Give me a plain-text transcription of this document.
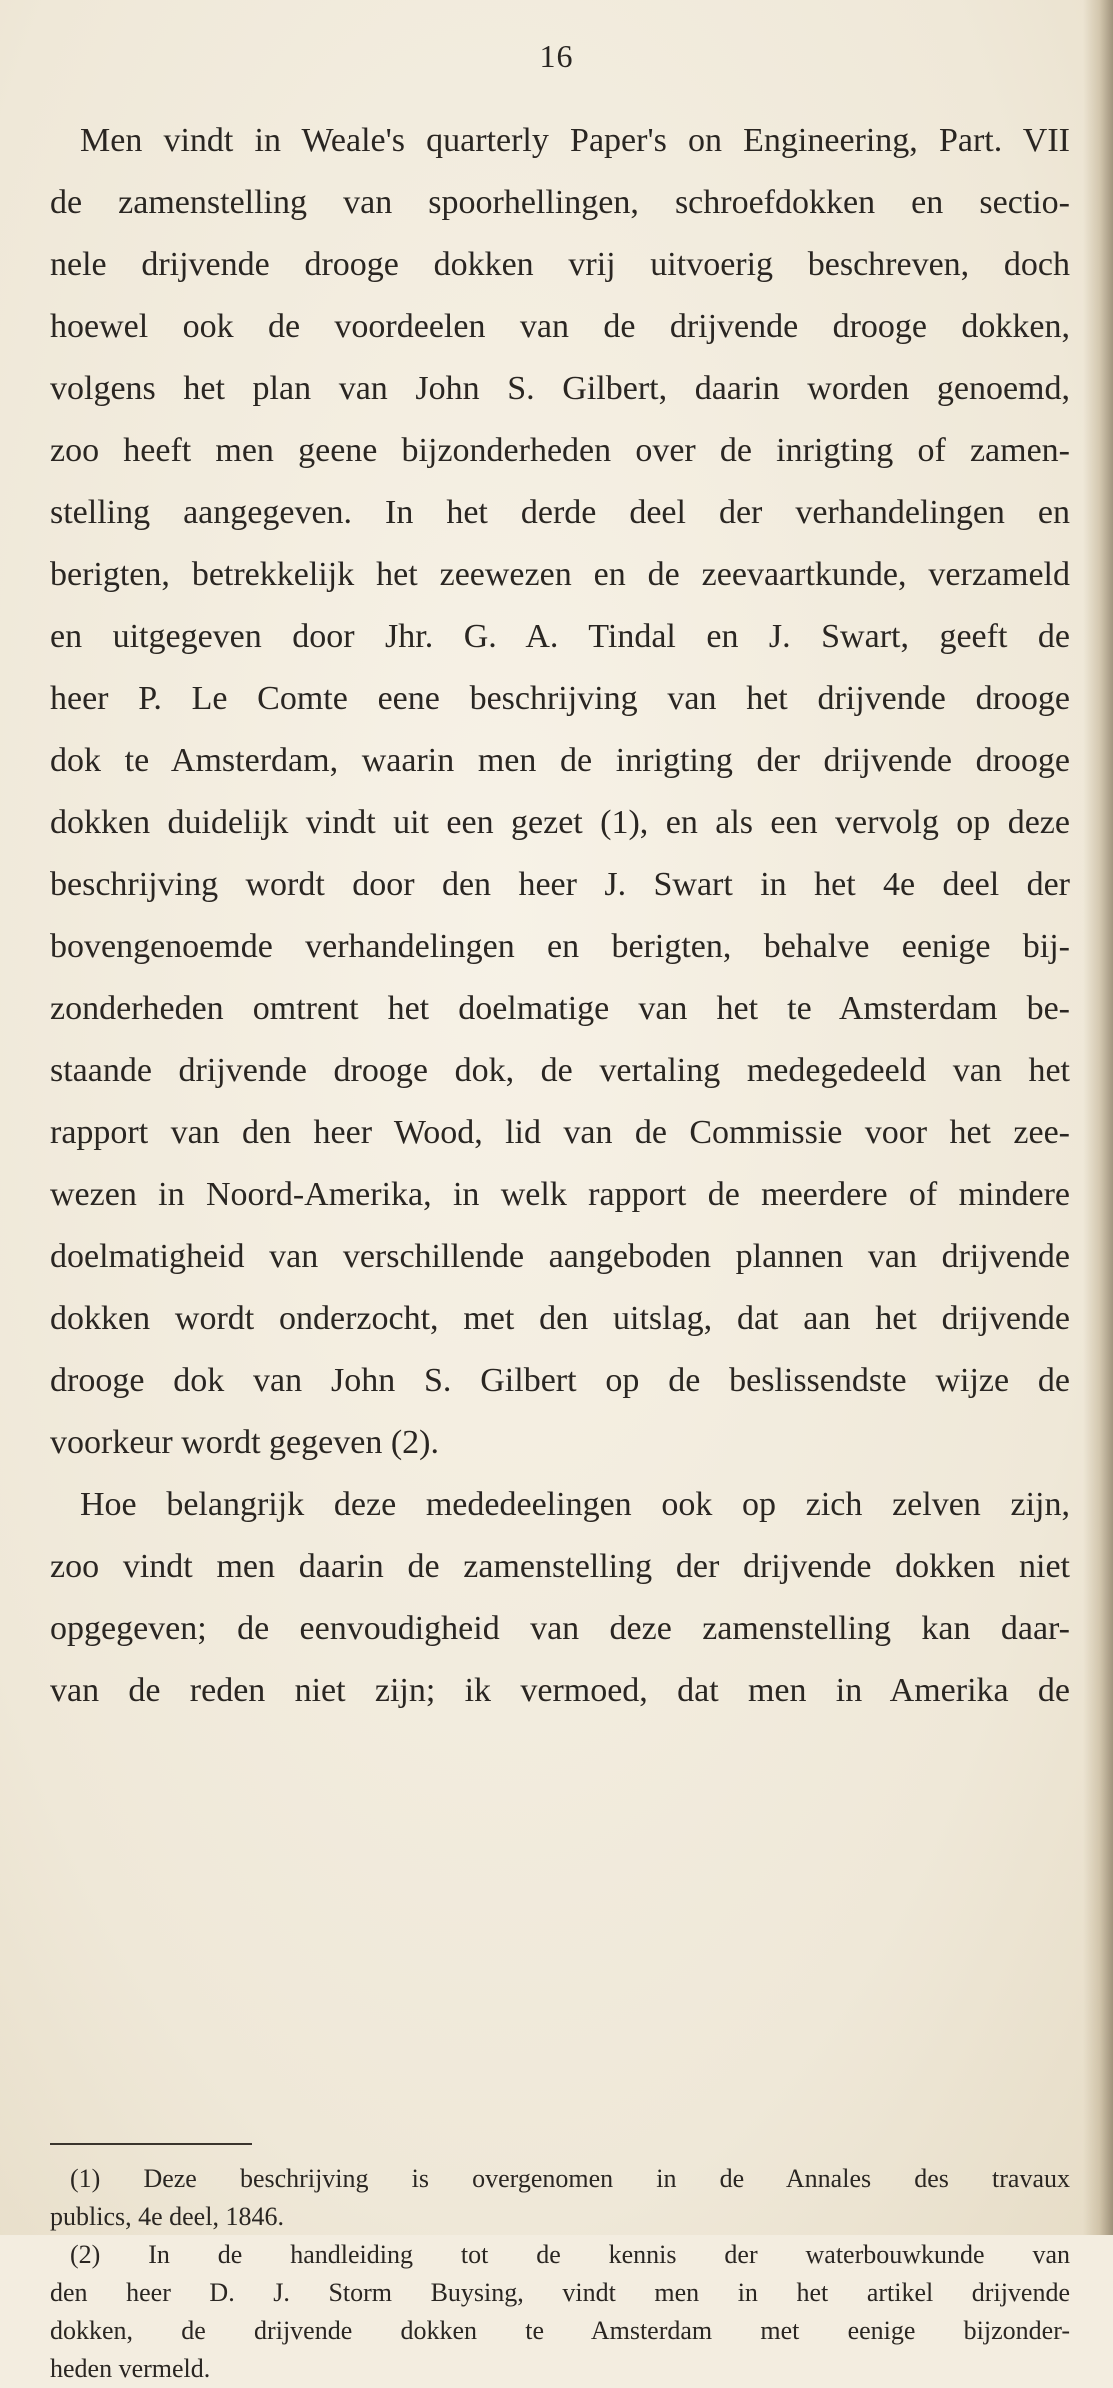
16
Men vindt in Weale's quarterly Paper's on Engineering, Part. VII
de zamenstelling van spoorhellingen, schroefdokken en sectio-
nele drijvende drooge dokken vrij uitvoerig beschreven, doch
hoewel ook de voordeelen van de drijvende drooge dokken,
volgens het plan van John S. Gilbert, daarin worden genoemd,
zoo heeft men geene bijzonderheden over de inrigting of zamen-
stelling aangegeven. In het derde deel der verhandelingen en
berigten, betrekkelijk het zeewezen en de zeevaartkunde, verzameld
en uitgegeven door Jhr. G. A. Tindal en J. Swart, geeft de
heer P. Le Comte eene beschrijving van het drijvende drooge
dok te Amsterdam, waarin men de inrigting der drijvende drooge
dokken duidelijk vindt uit een gezet (1), en als een vervolg op deze
beschrijving wordt door den heer J. Swart in het 4e deel der
bovengenoemde verhandelingen en berigten, behalve eenige bij-
zonderheden omtrent het doelmatige van het te Amsterdam be-
staande drijvende drooge dok, de vertaling medegedeeld van het
rapport van den heer Wood, lid van de Commissie voor het zee-
wezen in Noord-Amerika, in welk rapport de meerdere of mindere
doelmatigheid van verschillende aangeboden plannen van drijvende
dokken wordt onderzocht, met den uitslag, dat aan het drijvende
drooge dok van John S. Gilbert op de beslissendste wijze de
voorkeur wordt gegeven (2).
Hoe belangrijk deze mededeelingen ook op zich zelven zijn,
zoo vindt men daarin de zamenstelling der drijvende dokken niet
opgegeven; de eenvoudigheid van deze zamenstelling kan daar-
van de reden niet zijn; ik vermoed, dat men in Amerika de
(1) Deze beschrijving is overgenomen in de Annales des travaux
publics, 4e deel, 1846.
(2) In de handleiding tot de kennis der waterbouwkunde van
den heer D. J. Storm Buysing, vindt men in het artikel drijvende
dokken, de drijvende dokken te Amsterdam met eenige bijzonder-
heden vermeld.
